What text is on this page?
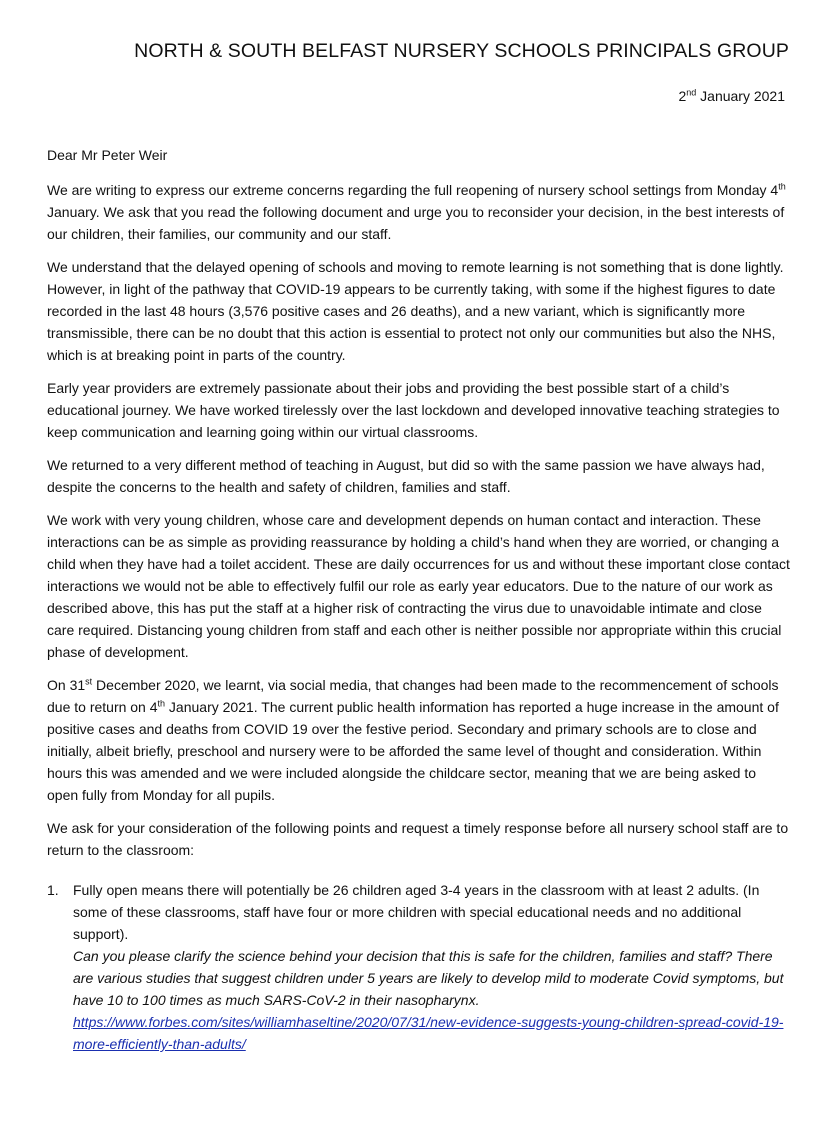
NORTH & SOUTH BELFAST NURSERY SCHOOLS PRINCIPALS GROUP
2nd January 2021
Dear Mr Peter Weir

We are writing to express our extreme concerns regarding the full reopening of nursery school settings from Monday 4th January. We ask that you read the following document and urge you to reconsider your decision, in the best interests of our children, their families, our community and our staff.

We understand that the delayed opening of schools and moving to remote learning is not something that is done lightly. However, in light of the pathway that COVID-19 appears to be currently taking, with some if the highest figures to date recorded in the last 48 hours (3,576 positive cases and 26 deaths), and a new variant, which is significantly more transmissible, there can be no doubt that this action is essential to protect not only our communities but also the NHS, which is at breaking point in parts of the country.

Early year providers are extremely passionate about their jobs and providing the best possible start of a child’s educational journey. We have worked tirelessly over the last lockdown and developed innovative teaching strategies to keep communication and learning going within our virtual classrooms.

We returned to a very different method of teaching in August, but did so with the same passion we have always had, despite the concerns to the health and safety of children, families and staff.

We work with very young children, whose care and development depends on human contact and interaction. These interactions can be as simple as providing reassurance by holding a child’s hand when they are worried, or changing a child when they have had a toilet accident. These are daily occurrences for us and without these important close contact interactions we would not be able to effectively fulfil our role as early year educators. Due to the nature of our work as described above, this has put the staff at a higher risk of contracting the virus due to unavoidable intimate and close care required. Distancing young children from staff and each other is neither possible nor appropriate within this crucial phase of development.

On 31st December 2020, we learnt, via social media, that changes had been made to the recommencement of schools due to return on 4th January 2021. The current public health information has reported a huge increase in the amount of positive cases and deaths from COVID 19 over the festive period. Secondary and primary schools are to close and initially, albeit briefly, preschool and nursery were to be afforded the same level of thought and consideration. Within hours this was amended and we were included alongside the childcare sector, meaning that we are being asked to open fully from Monday for all pupils.

We ask for your consideration of the following points and request a timely response before all nursery school staff are to return to the classroom:

1.	Fully open means there will potentially be 26 children aged 3-4 years in the classroom with at least 2 adults. (In some of these classrooms, staff have four or more children with special educational needs and no additional support).
Can you please clarify the science behind your decision that this is safe for the children, families and staff? There are various studies that suggest children under 5 years are likely to develop mild to moderate Covid symptoms, but have 10 to 100 times as much SARS-CoV-2 in their nasopharynx.
https://www.forbes.com/sites/williamhaseltine/2020/07/31/new-evidence-suggests-young-children-spread-covid-19-more-efficiently-than-adults/
